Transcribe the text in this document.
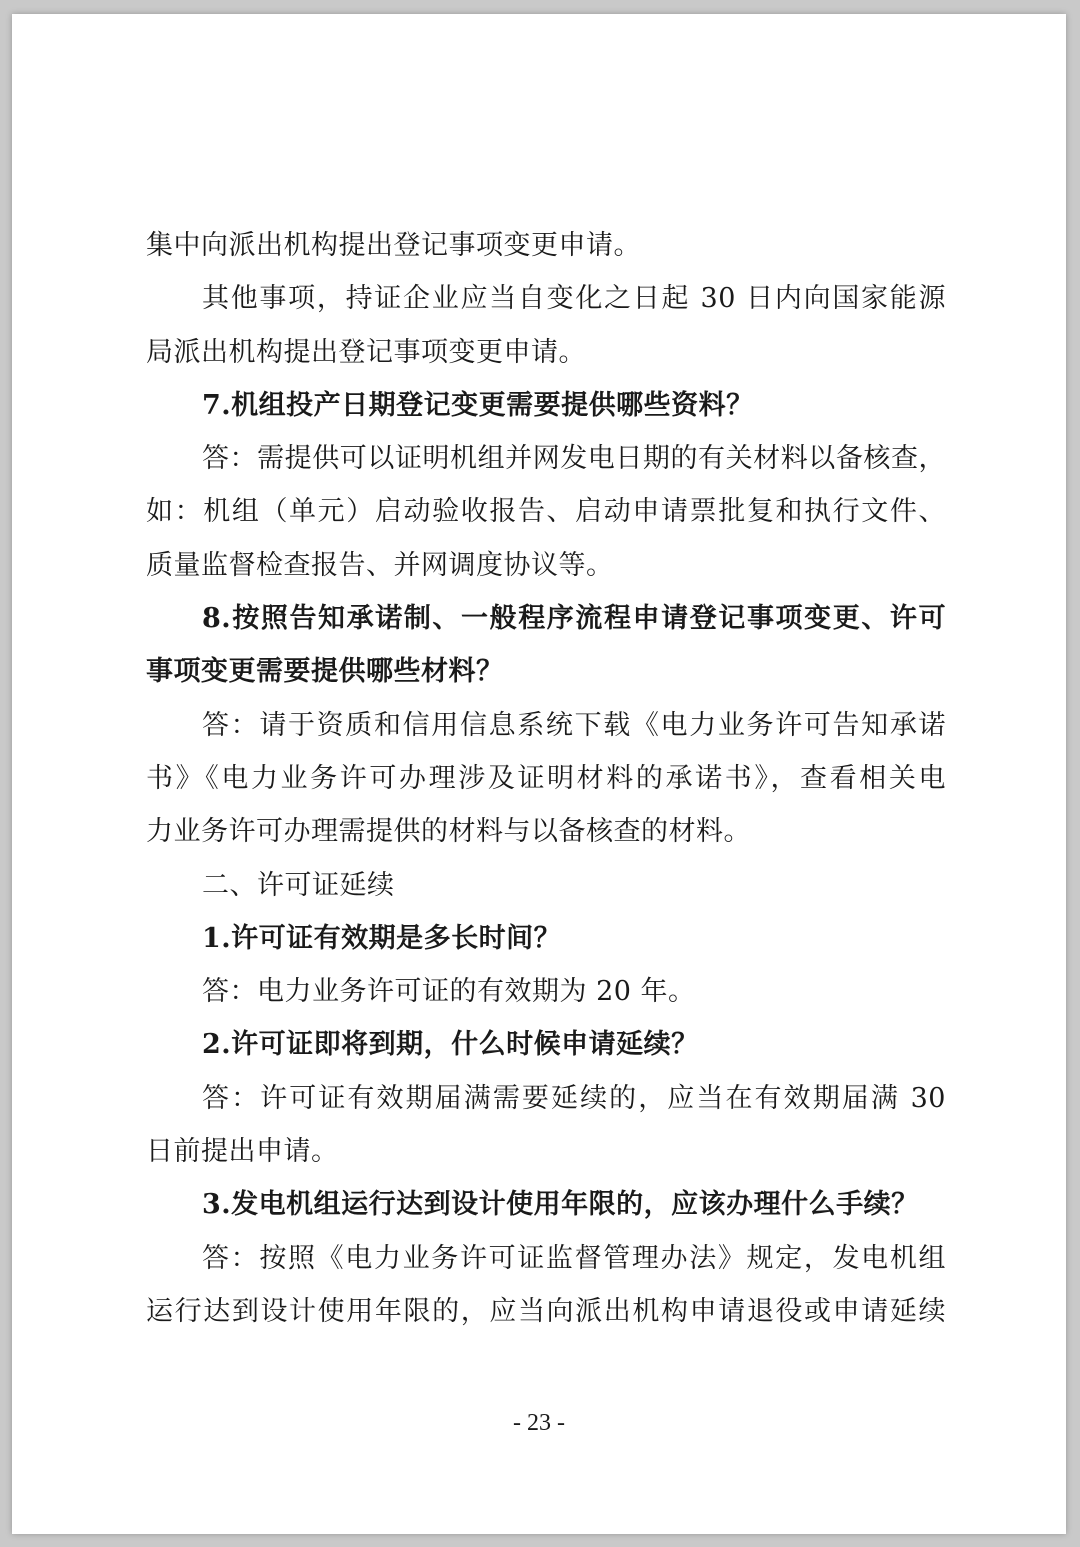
集中向派出机构提出登记事项变更申请。
其他事项，持证企业应当自变化之日起 30 日内向国家能源
局派出机构提出登记事项变更申请。
7.机组投产日期登记变更需要提供哪些资料？
答：需提供可以证明机组并网发电日期的有关材料以备核查，
如：机组（单元）启动验收报告、启动申请票批复和执行文件、
质量监督检查报告、并网调度协议等。
8.按照告知承诺制、一般程序流程申请登记事项变更、许可
事项变更需要提供哪些材料？
答：请于资质和信用信息系统下载《电力业务许可告知承诺
书》《电力业务许可办理涉及证明材料的承诺书》，查看相关电
力业务许可办理需提供的材料与以备核查的材料。
二、许可证延续
1.许可证有效期是多长时间？
答：电力业务许可证的有效期为 20 年。
2.许可证即将到期，什么时候申请延续？
答：许可证有效期届满需要延续的，应当在有效期届满 30
日前提出申请。
3.发电机组运行达到设计使用年限的，应该办理什么手续？
答：按照《电力业务许可证监督管理办法》规定，发电机组
运行达到设计使用年限的，应当向派出机构申请退役或申请延续
- 23 -
